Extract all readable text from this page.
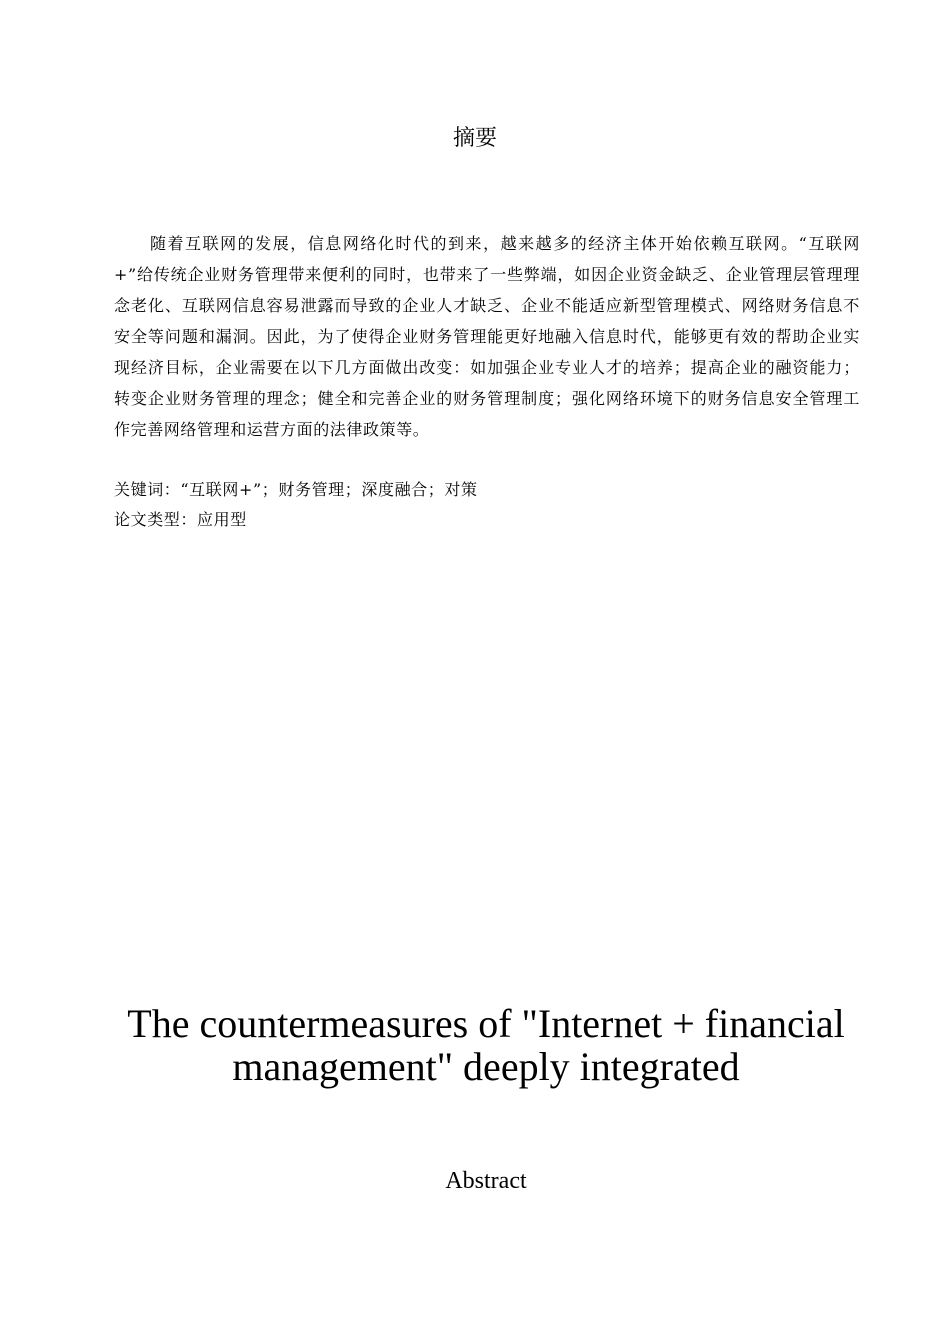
摘要

随着互联网的发展，信息网络化时代的到来，越来越多的经济主体开始依赖互联网。“互联网+”给传统企业财务管理带来便利的同时，也带来了一些弊端，如因企业资金缺乏、企业管理层管理理念老化、互联网信息容易泄露而导致的企业人才缺乏、企业不能适应新型管理模式、网络财务信息不安全等问题和漏洞。因此，为了使得企业财务管理能更好地融入信息时代，能够更有效的帮助企业实现经济目标，企业需要在以下几方面做出改变：如加强企业专业人才的培养；提高企业的融资能力；转变企业财务管理的理念；健全和完善企业的财务管理制度；强化网络环境下的财务信息安全管理工作完善网络管理和运营方面的法律政策等。

关键词：“互联网+”；财务管理；深度融合；对策

论文类型：应用型

The countermeasures of "Internet + financial management" deeply integrated
Abstract
